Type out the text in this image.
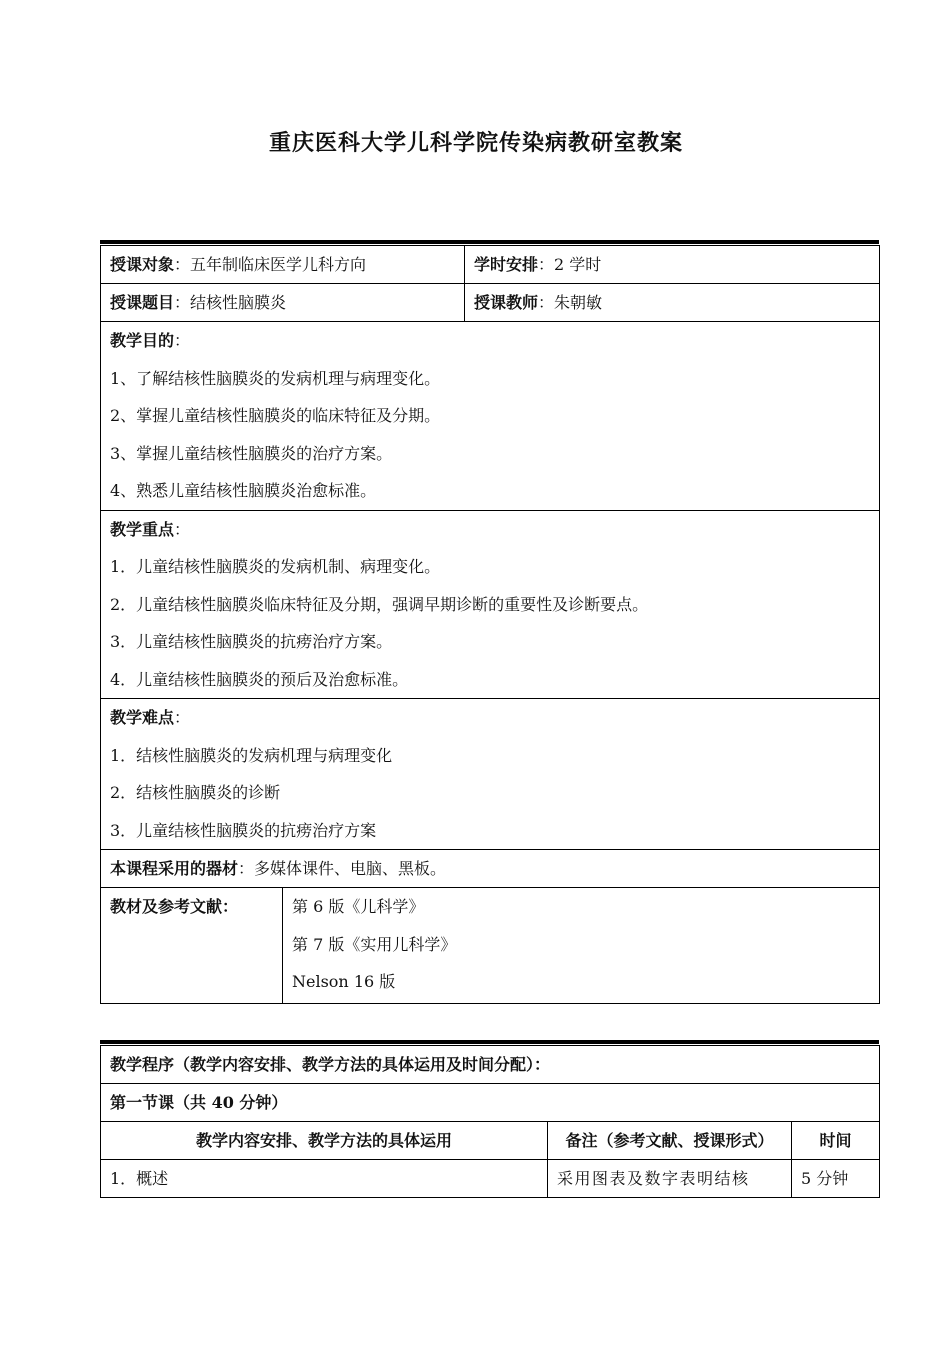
重庆医科大学儿科学院传染病教研室教案
授课对象：五年制临床医学儿科方向		学时安排：2 学时
授课题目：结核性脑膜炎		授课教师：朱朝敏

教学目的：
1、了解结核性脑膜炎的发病机理与病理变化。
2、掌握儿童结核性脑膜炎的临床特征及分期。
3、掌握儿童结核性脑膜炎的治疗方案。
4、熟悉儿童结核性脑膜炎治愈标准。		

教学重点：
1．儿童结核性脑膜炎的发病机制、病理变化。
2．儿童结核性脑膜炎临床特征及分期，强调早期诊断的重要性及诊断要点。
3．儿童结核性脑膜炎的抗痨治疗方案。
4．儿童结核性脑膜炎的预后及治愈标准。		

教学难点：
1．结核性脑膜炎的发病机理与病理变化
2．结核性脑膜炎的诊断
3．儿童结核性脑膜炎的抗痨治疗方案		

本课程采用的器材：多媒体课件、电脑、黑板。		

教材及参考文献：	第 6 版《儿科学》
第 7 版《实用儿科学》
Nelson 16 版	
教学程序（教学内容安排、教学方法的具体运用及时间分配）：		
第一节课（共 40 分钟）		
教学内容安排、教学方法的具体运用	备注（参考文献、授课形式）	时间
1．概述	采用图表及数字表明结核	5 分钟
